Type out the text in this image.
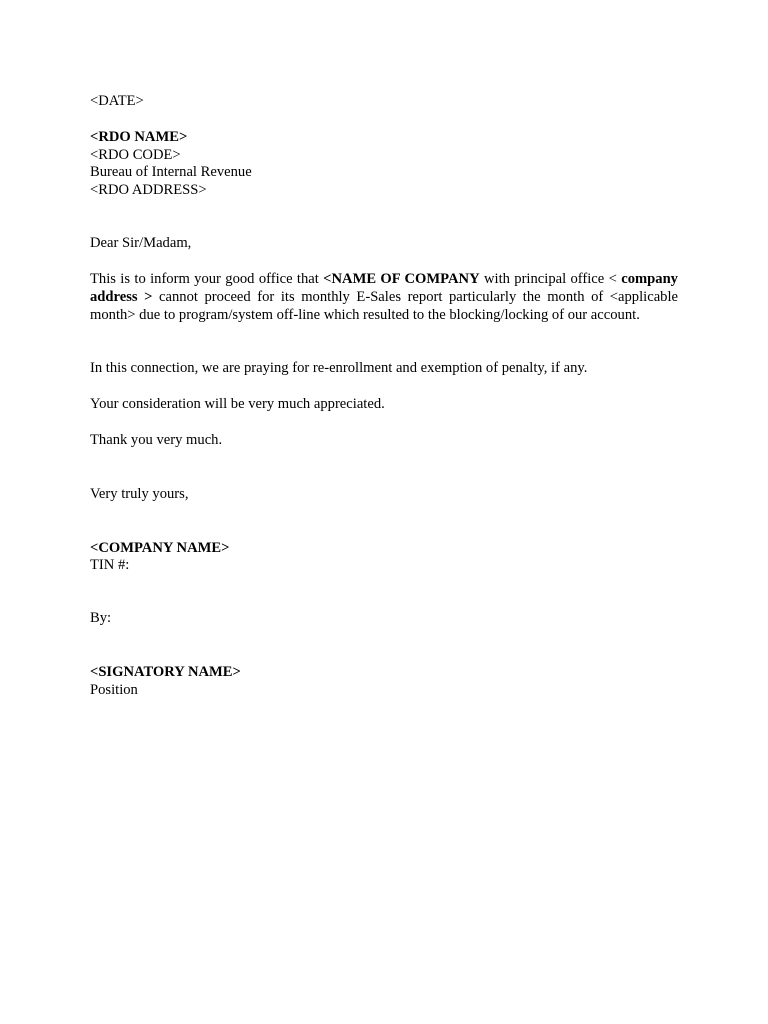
<DATE>
<RDO NAME>
<RDO CODE>
Bureau of Internal Revenue
<RDO ADDRESS>
Dear Sir/Madam,
This is to inform your good office that <NAME OF COMPANY with principal office < company address > cannot proceed for its monthly E-Sales report particularly the month of <applicable month> due to program/system off-line which resulted to the blocking/locking of our account.
In this connection, we are praying for re-enrollment and exemption of penalty, if any.
Your consideration will be very much appreciated.
Thank you very much.
Very truly yours,
<COMPANY NAME>
TIN #:
By:
<SIGNATORY NAME>
Position
